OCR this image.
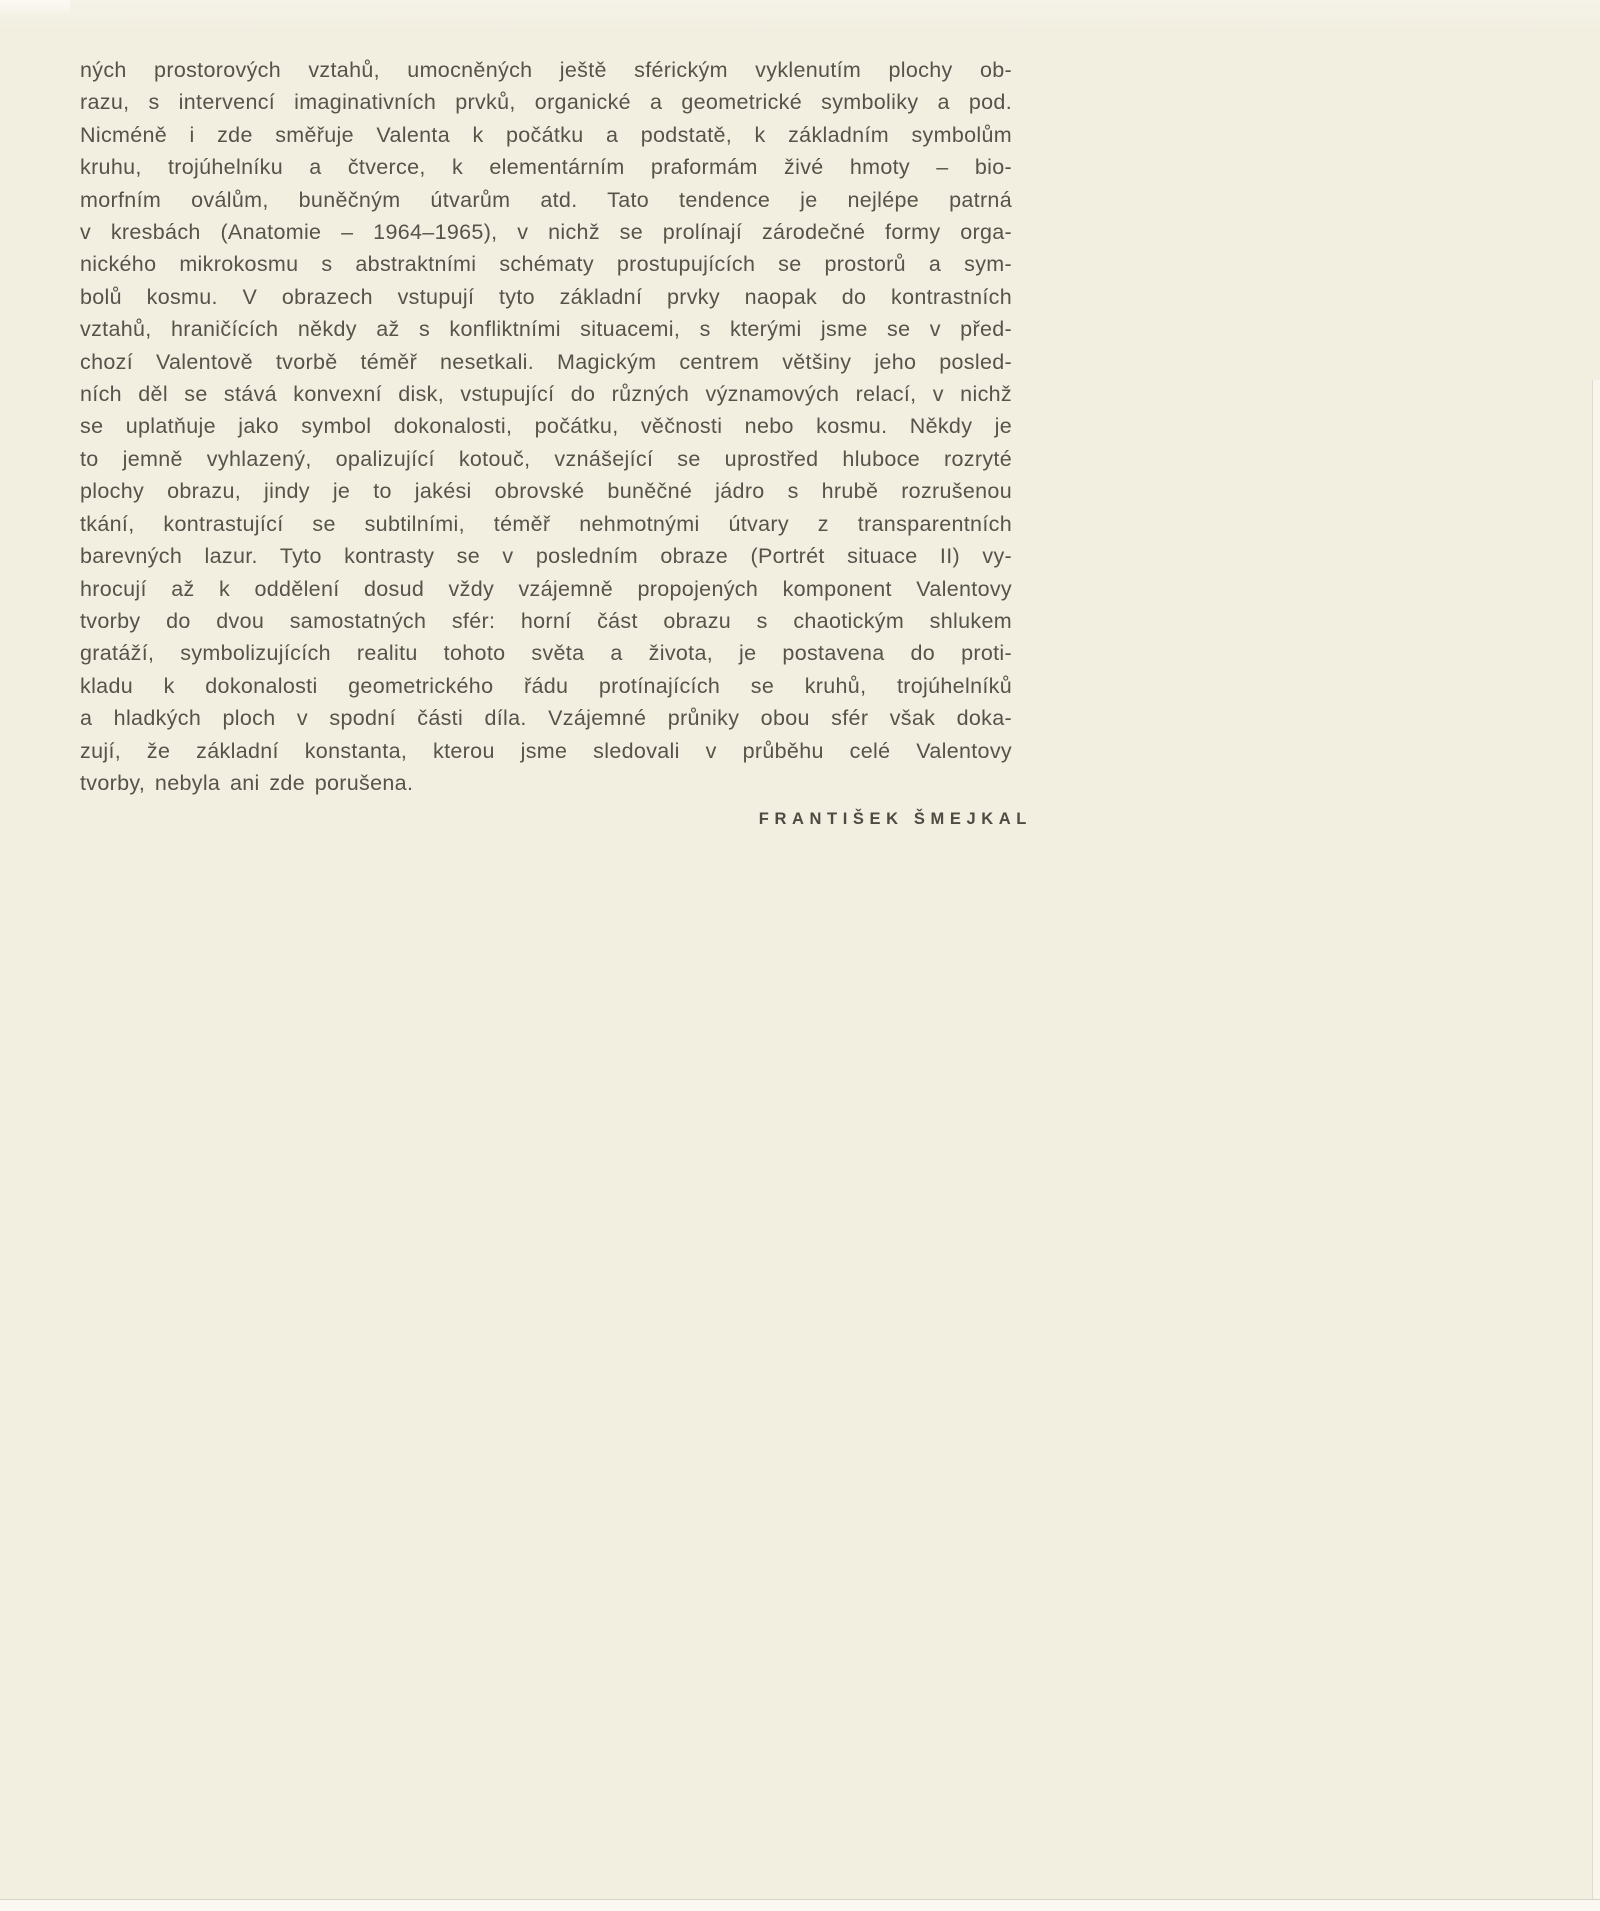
ných prostorových vztahů, umocněných ještě sférickým vyklenutím plochy ob-
razu, s intervencí imaginativních prvků, organické a geometrické symboliky a pod.
Nicméně i zde směřuje Valenta k počátku a podstatě, k základním symbolům
kruhu, trojúhelníku a čtverce, k elementárním praformám živé hmoty – bio-
morfním oválům, buněčným útvarům atd. Tato tendence je nejlépe patrná
v kresbách (Anatomie – 1964–1965), v nichž se prolínají zárodečné formy orga-
nického mikrokosmu s abstraktními schématy prostupujících se prostorů a sym-
bolů kosmu. V obrazech vstupují tyto základní prvky naopak do kontrastních
vztahů, hraničících někdy až s konfliktními situacemi, s kterými jsme se v před-
chozí Valentově tvorbě téměř nesetkali. Magickým centrem většiny jeho posled-
ních děl se stává konvexní disk, vstupující do různých významových relací, v nichž
se uplatňuje jako symbol dokonalosti, počátku, věčnosti nebo kosmu. Někdy je
to jemně vyhlazený, opalizující kotouč, vznášející se uprostřed hluboce rozryté
plochy obrazu, jindy je to jakési obrovské buněčné jádro s hrubě rozrušenou
tkání, kontrastující se subtilními, téměř nehmotnými útvary z transparentních
barevných lazur. Tyto kontrasty se v posledním obraze (Portrét situace II) vy-
hrocují až k oddělení dosud vždy vzájemně propojených komponent Valentovy
tvorby do dvou samostatných sfér: horní část obrazu s chaotickým shlukem
gratáží, symbolizujících realitu tohoto světa a života, je postavena do proti-
kladu k dokonalosti geometrického řádu protínajících se kruhů, trojúhelníků
a hladkých ploch v spodní části díla. Vzájemné průniky obou sfér však doka-
zují, že základní konstanta, kterou jsme sledovali v průběhu celé Valentovy
tvorby, nebyla ani zde porušena.
FRANTIŠEK ŠMEJKAL
